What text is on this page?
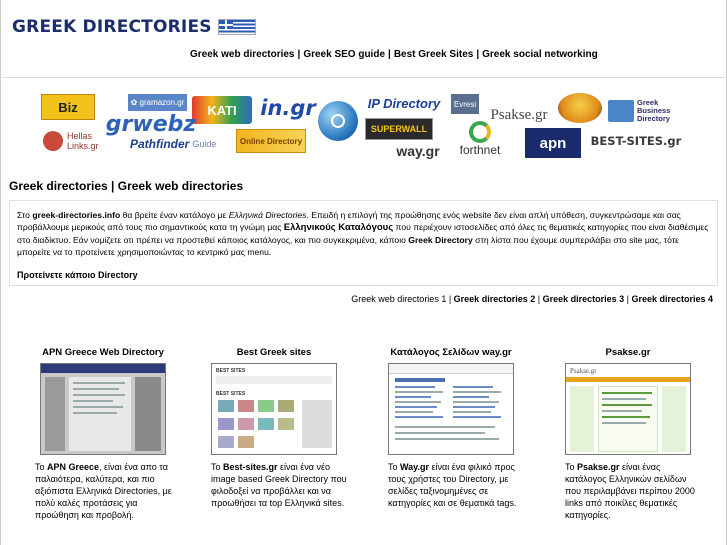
GREEK DIRECTORIES
Greek web directories | Greek SEO guide | Best Greek Sites | Greek social networking
Biz	✿ gramazon.gr ΚΑΤΙ in.gr	IP Directory Evresi
Psakse.gr
Greek Business Directory
Hellas Links.gr
grwebz
Pathfinder Guide	Online Directory
SUPERWALL
way.gr forthnet	apn BEST-SITES.gr
Greek directories | Greek web directories

Στο greek-directories.info θα βρείτε έναν κατάλογο με Ελληνικά Directories. Επειδή η επιλογή της προώθησης ενός website δεν είναι απλή υπόθεση, συγκεντρώσαμε και σας προβάλλουμε μερικούς από τους πιο σημαντικούς κατα τη γνώμη μας Ελληνικούς Καταλόγους που περιέχουν ιστοσελίδες από όλες τις θεματικές κατηγορίες που είναι διαθέσιμες στο διαδίκτυο. Εάν νομίζετε οτι πρέπει να προστεθεί κάποιος κατάλογος, και πιο συγκεκριμένα, κάποιο Greek Directory στη λίστα που έχουμε συμπεριλάβει στο site μας, τότε μπορείτε να το προτείνετε χρησιμοποιώντας το κεντρικό μας menu.

Προτείνετε κάποιο Directory

Greek web directories 1 | Greek directories 2 | Greek directories 3 | Greek directories 4
APN Greece Web Directory
Το APN Greece, είναι ένα απο τα παλαιότερα, καλύτερα, και πιο αξιόπιστα Ελληνικά Directories, με πολύ καλές προτάσεις για προώθηση και προβολή.
Best Greek sites
BEST SITES
BEST SITES
Το Best-sites.gr είναι ένα νέο image based Greek Directory που φιλοδοξεί να προβάλλει και να προωθήσει τα top Ελληνικά sites.
Κατάλογος Σελίδων way.gr
Το Way.gr είναι ένα φιλικό προς τους χρήστες του Directory, με σελίδες ταξινομημένες σε κατηγορίες και σε θεματικά tags.
Psakse.gr
Psakse.gr
Το Psakse.gr είναι ένας κατάλογος Ελληνικών σελίδων που περιλαμβάνει περίπου 2000 links από ποικίλες θεματικές κατηγορίες.
